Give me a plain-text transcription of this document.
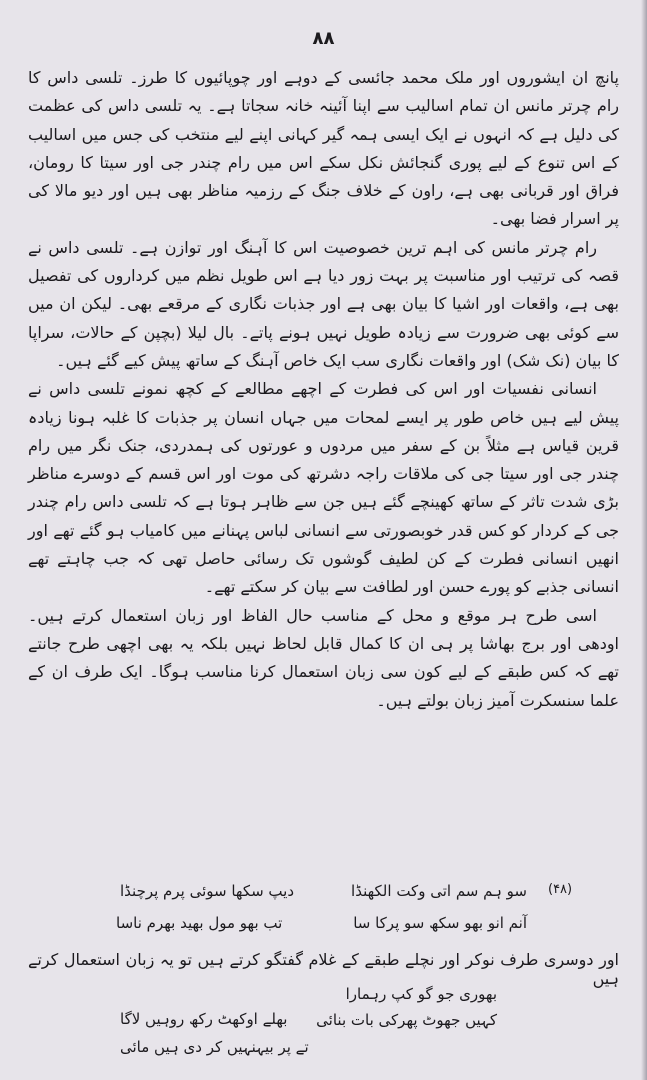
۸۸

پانچ ان ایشوروں اور ملک محمد جائسی کے دوہے اور چوپائیوں کا طرز۔ تلسی داس کا رام چرتر مانس ان تمام اسالیب سے اپنا آئینہ خانہ سجاتا ہے۔ یہ تلسی داس کی عظمت کی دلیل ہے کہ انہوں نے ایک ایسی ہمہ گیر کہانی اپنے لیے منتخب کی جس میں اسالیب کے اس تنوع کے لیے پوری گنجائش نکل سکے اس میں رام چندر جی اور سیتا کا رومان، فراق اور قربانی بھی ہے، راون کے خلاف جنگ کے رزمیہ مناظر بھی ہیں اور دیو مالا کی پر اسرار فضا بھی۔

رام چرتر مانس کی اہم ترین خصوصیت اس کا آہنگ اور توازن ہے۔ تلسی داس نے قصہ کی ترتیب اور مناسبت پر بہت زور دیا ہے اس طویل نظم میں کرداروں کی تفصیل بھی ہے، واقعات اور اشیا کا بیان بھی ہے اور جذبات نگاری کے مرقعے بھی۔ لیکن ان میں سے کوئی بھی ضرورت سے زیادہ طویل نہیں ہونے پاتے۔ بال لیلا (بچپن کے حالات، سراپا کا بیان (نک شک) اور واقعات نگاری سب ایک خاص آہنگ کے ساتھ پیش کیے گئے ہیں۔

انسانی نفسیات اور اس کی فطرت کے اچھے مطالعے کے کچھ نمونے تلسی داس نے پیش لیے ہیں خاص طور پر ایسے لمحات میں جہاں انسان پر جذبات کا غلبہ ہونا زیادہ قرین قیاس ہے مثلاً بن کے سفر میں مردوں و عورتوں کی ہمدردی، جنک نگر میں رام چندر جی اور سیتا جی کی ملاقات راجہ دشرتھ کی موت اور اس قسم کے دوسرے مناظر بڑی شدت تاثر کے ساتھ کھینچے گئے ہیں جن سے ظاہر ہوتا ہے کہ تلسی داس رام چندر جی کے کردار کو کس قدر خوبصورتی سے انسانی لباس پہنانے میں کامیاب ہو گئے تھے اور انھیں انسانی فطرت کے کن لطیف گوشوں تک رسائی حاصل تھی کہ جب چاہتے تھے انسانی جذبے کو پورے حسن اور لطافت سے بیان کر سکتے تھے۔

اسی طرح ہر موقع و محل کے مناسب حال الفاظ اور زبان استعمال کرتے ہیں۔ اودھی اور برج بھاشا پر ہی ان کا کمال قابل لحاظ نہیں بلکہ یہ بھی اچھی طرح جانتے تھے کہ کس طبقے کے لیے کون سی زبان استعمال کرنا مناسب ہوگا۔ ایک طرف ان کے علما سنسکرت آمیز زبان بولتے ہیں۔

(۴۸)
سو ہم سم اتی وکت الکھنڈا
دیپ سکھا سوئی پرم پرچنڈا
آنم انو بھو سکھ سو پرکا سا
تب بھو مول بھید بھرم ناسا
اور دوسری طرف نوکر اور نچلے طبقے کے غلام گفتگو کرتے ہیں تو یہ زبان استعمال کرتے ہیں
بھوری جو گو کپ رہمارا
بھلے اوکھٹ رکھ روہیں لاگا کہیں جھوٹ پھرکی بات بنائی
تے پر بیہنہیں کر دی ہیں مائی
